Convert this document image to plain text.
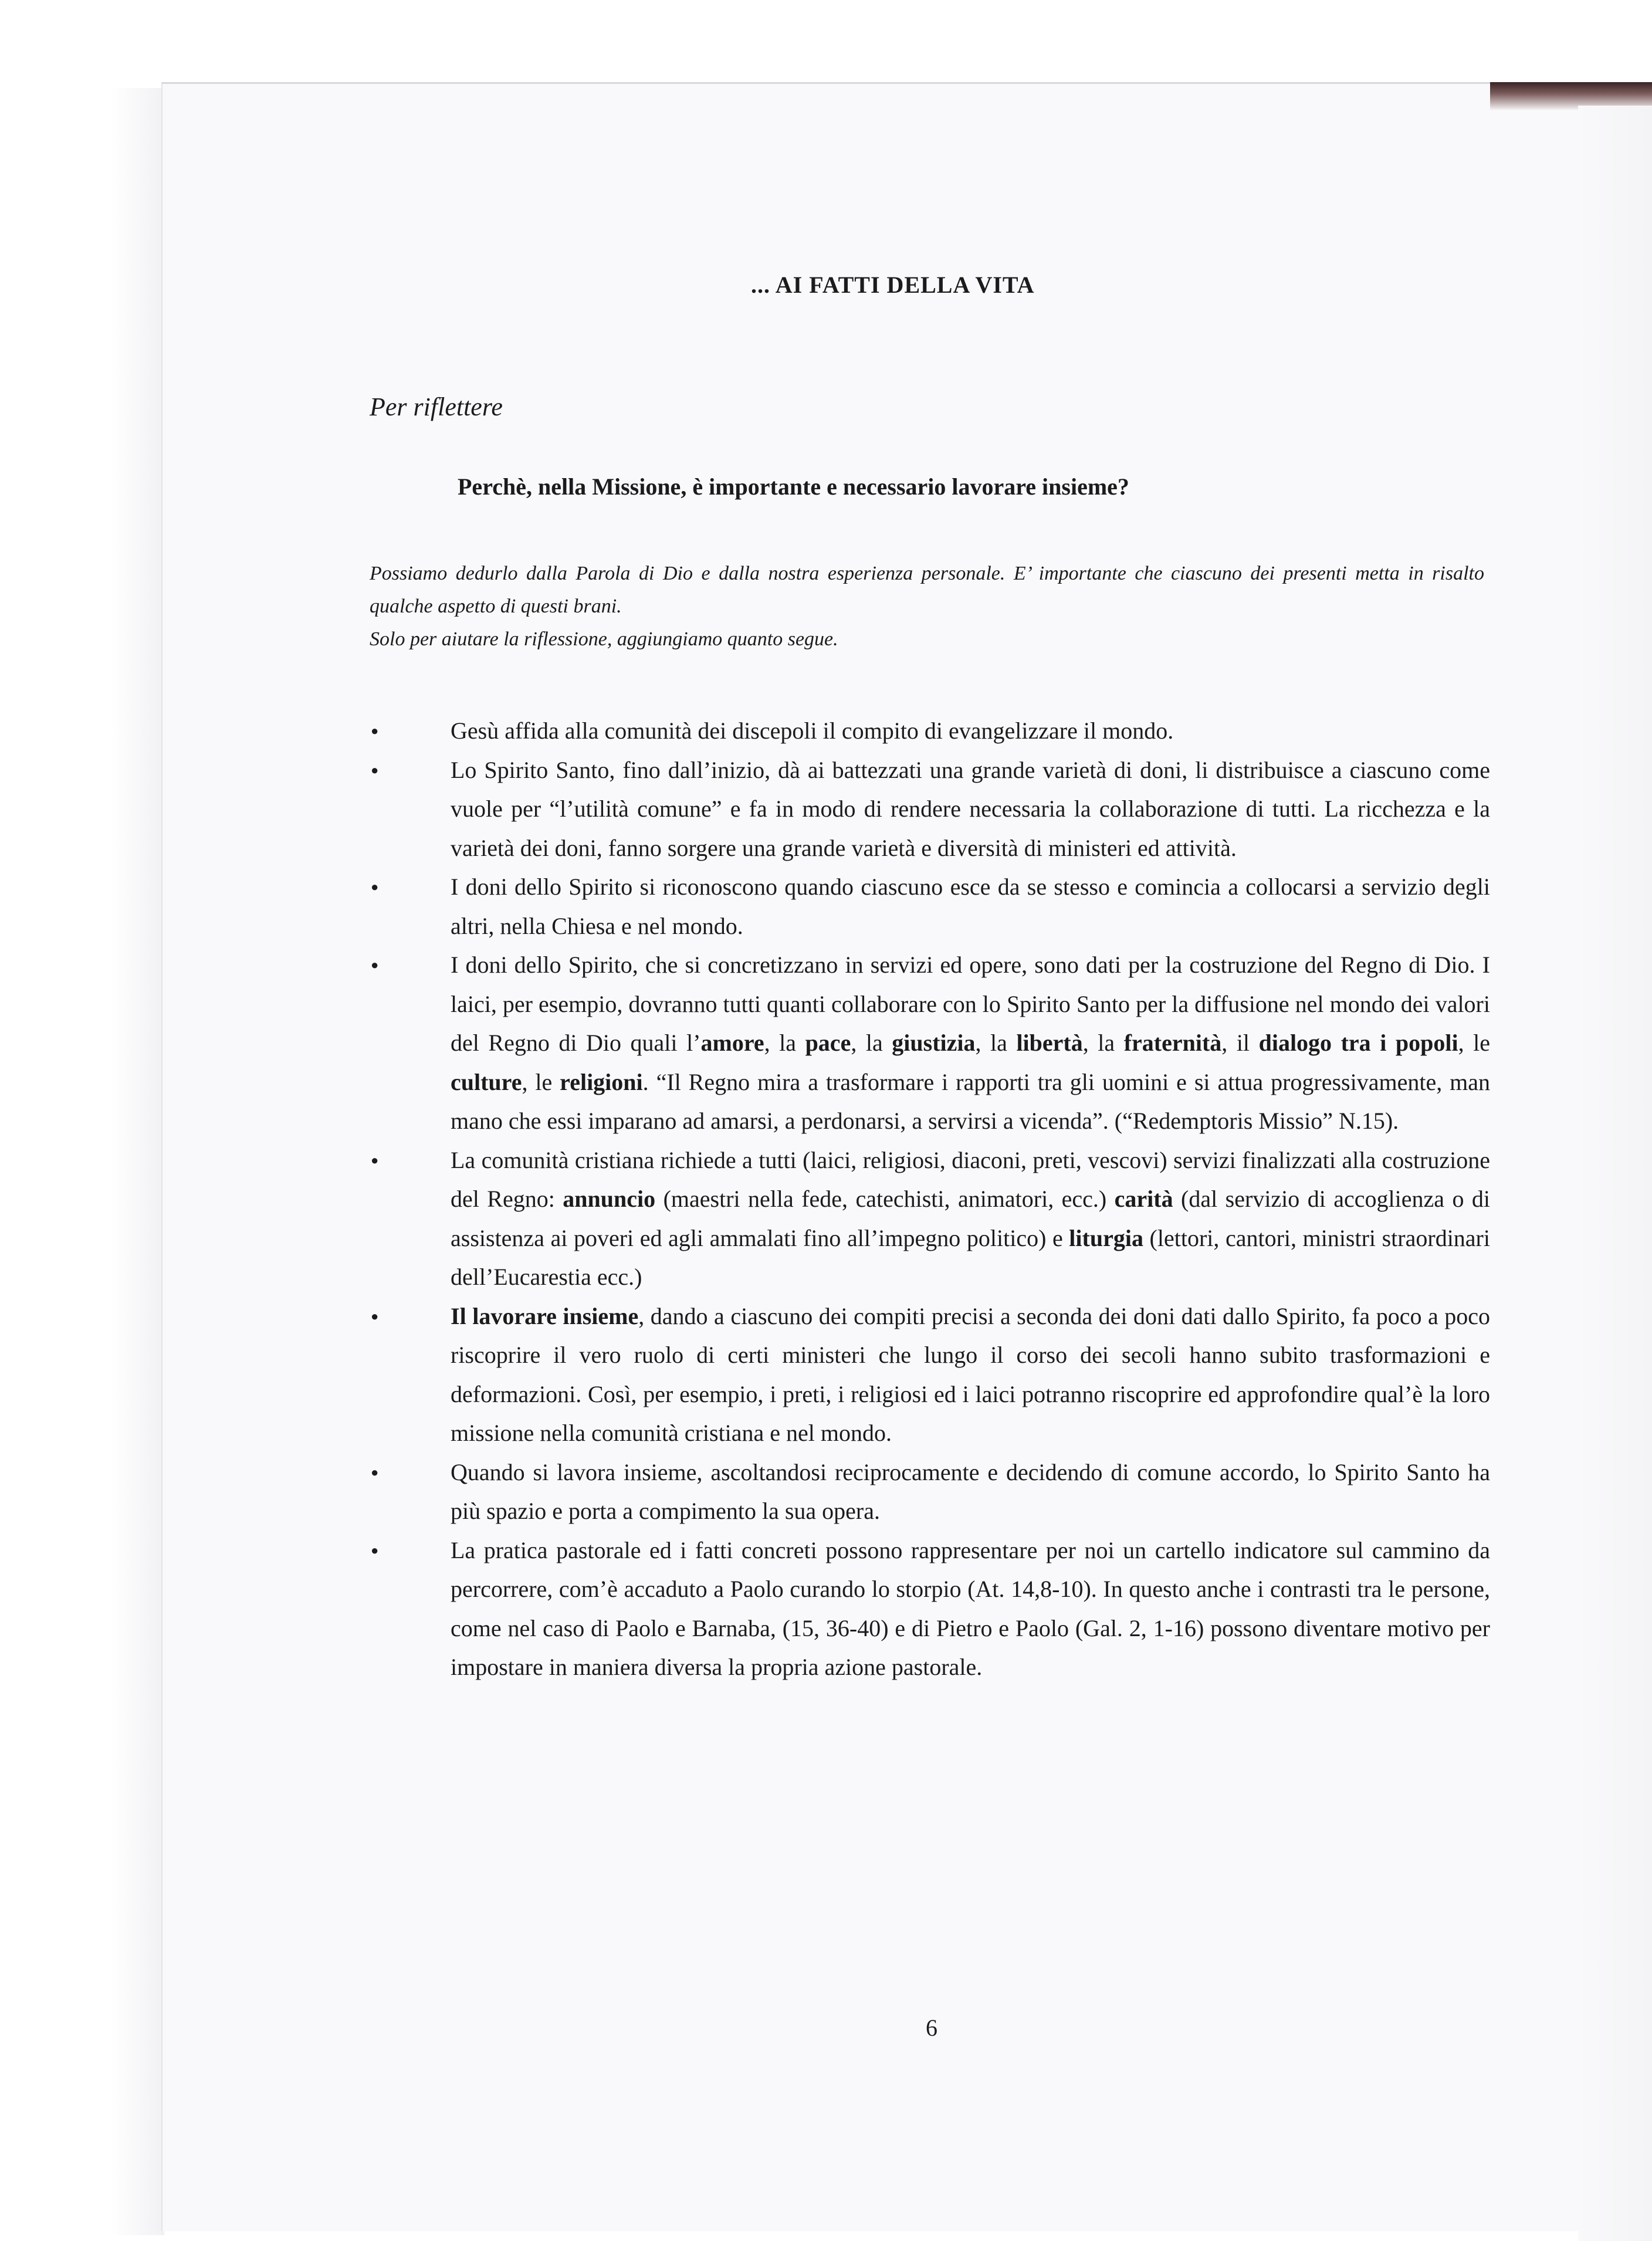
... AI FATTI DELLA VITA
Per riflettere
Perchè, nella Missione, è importante e necessario lavorare insieme?

Possiamo dedurlo dalla Parola di Dio e dalla nostra esperienza personale. E’ importante che ciascuno dei presenti metta in risalto qualche aspetto di questi brani.

Solo per aiutare la riflessione, aggiungiamo quanto segue.

Gesù affida alla comunità dei discepoli il compito di evangelizzare il mondo.
Lo Spirito Santo, fino dall’inizio, dà ai battezzati una grande varietà di doni, li distribuisce a ciascuno come vuole per “l’utilità comune” e fa in modo di rendere necessaria la collaborazione di tutti. La ricchezza e la varietà dei doni, fanno sorgere una grande varietà e diversità di ministeri ed attività.
I doni dello Spirito si riconoscono quando ciascuno esce da se stesso e comincia a collocarsi a servizio degli altri, nella Chiesa e nel mondo.
I doni dello Spirito, che si concretizzano in servizi ed opere, sono dati per la costruzione del Regno di Dio. I laici, per esempio, dovranno tutti quanti collaborare con lo Spirito Santo per la diffusione nel mondo dei valori del Regno di Dio quali l’amore, la pace, la giustizia, la libertà, la fraternità, il dialogo tra i popoli, le culture, le religioni. “Il Regno mira a trasformare i rapporti tra gli uomini e si attua progressivamente, man mano che essi imparano ad amarsi, a perdonarsi, a servirsi a vicenda”. (“Redemptoris Missio” N.15).
La comunità cristiana richiede a tutti (laici, religiosi, diaconi, preti, vescovi) servizi finalizzati alla costruzione del Regno: annuncio (maestri nella fede, catechisti, animatori, ecc.) carità (dal servizio di accoglienza o di assistenza ai poveri ed agli ammalati fino all’impegno politico) e liturgia (lettori, cantori, ministri straordinari dell’Eucarestia ecc.)
Il lavorare insieme, dando a ciascuno dei compiti precisi a seconda dei doni dati dallo Spirito, fa poco a poco riscoprire il vero ruolo di certi ministeri che lungo il corso dei secoli hanno subito trasformazioni e deformazioni. Così, per esempio, i preti, i religiosi ed i laici potranno riscoprire ed approfondire qual’è la loro missione nella comunità cristiana e nel mondo.
Quando si lavora insieme, ascoltandosi reciprocamente e decidendo di comune accordo, lo Spirito Santo ha più spazio e porta a compimento la sua opera.
La pratica pastorale ed i fatti concreti possono rappresentare per noi un cartello indicatore sul cammino da percorrere, com’è accaduto a Paolo curando lo storpio (At. 14,8-10). In questo anche i contrasti tra le persone, come nel caso di Paolo e Barnaba, (15, 36-40) e di Pietro e Paolo (Gal. 2, 1-16) possono diventare motivo per impostare in maniera diversa la propria azione pastorale.
6
